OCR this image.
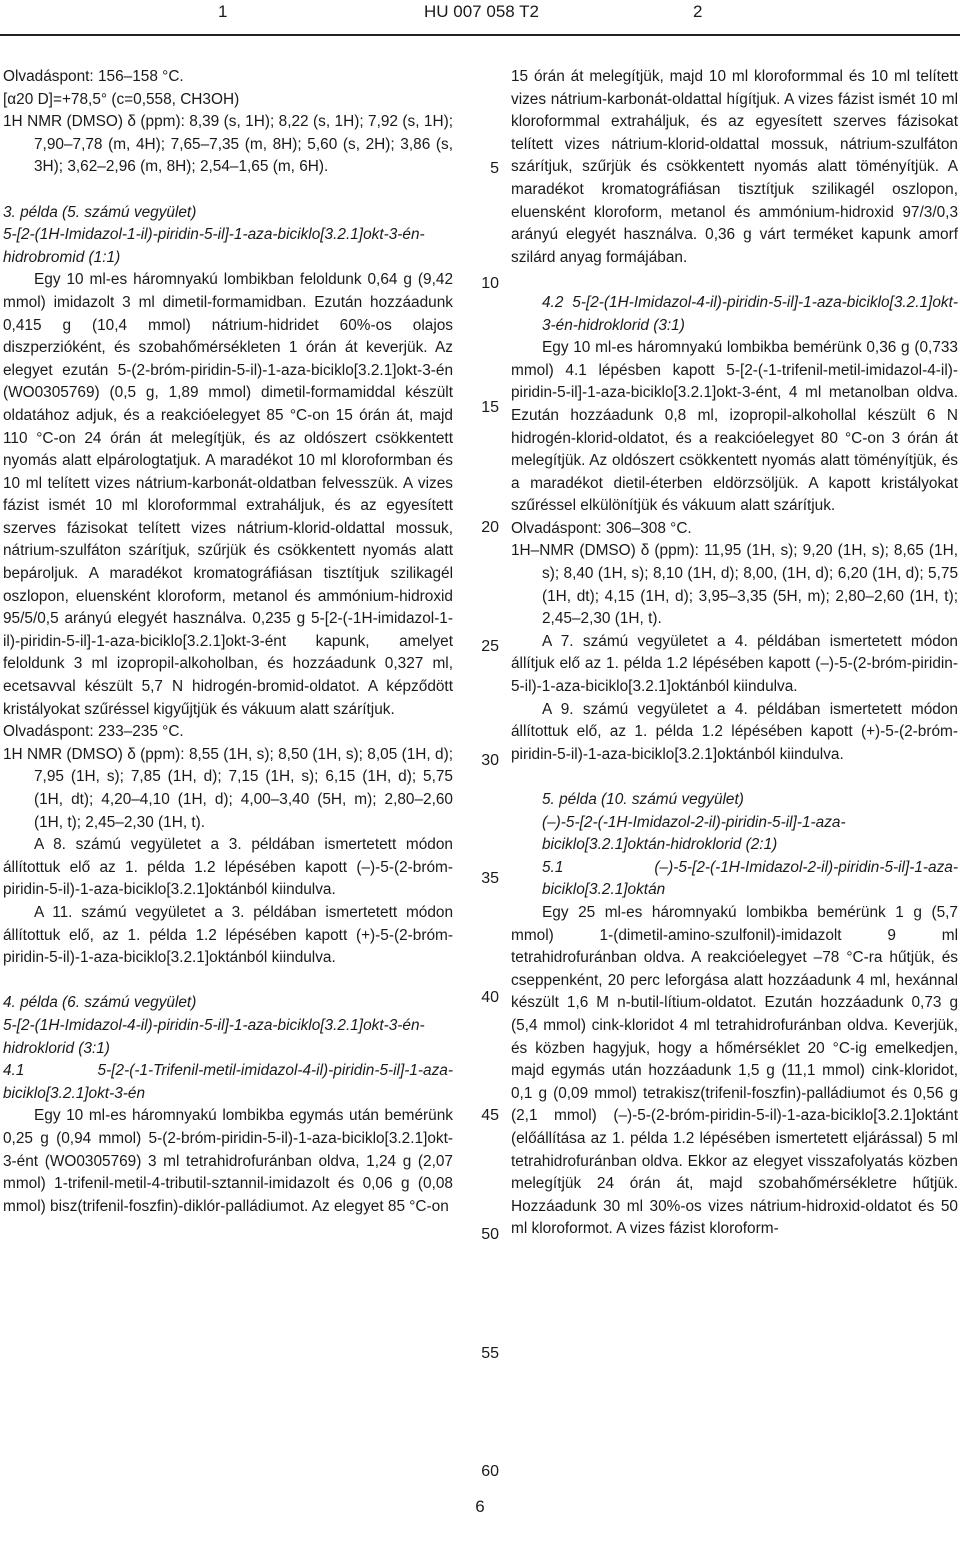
1	HU 007 058 T2	2

Olvadáspont: 156–158 °C.

[α20 D]=+78,5° (c=0,558, CH3OH)

1H NMR (DMSO) δ (ppm): 8,39 (s, 1H); 8,22 (s, 1H); 7,92 (s, 1H); 7,90–7,78 (m, 4H); 7,65–7,35 (m, 8H); 5,60 (s, 2H); 3,86 (s, 3H); 3,62–2,96 (m, 8H); 2,54–1,65 (m, 6H).

3. példa (5. számú vegyület)

5-[2-(1H-Imidazol-1-il)-piridin-5-il]-1-aza-biciklo[3.2.1]okt-3-én-hidrobromid (1:1)

Egy 10 ml-es háromnyakú lombikban feloldunk 0,64 g (9,42 mmol) imidazolt 3 ml dimetil-formamidban. Ezután hozzáadunk 0,415 g (10,4 mmol) nátrium-hidridet 60%-os olajos diszperzióként, és szobahőmérsékleten 1 órán át keverjük. Az elegyet ezután 5-(2-bróm-piridin-5-il)-1-aza-biciklo[3.2.1]okt-3-én (WO0305769) (0,5 g, 1,89 mmol) dimetil-formamiddal készült oldatához adjuk, és a reakcióelegyet 85 °C-on 15 órán át, majd 110 °C-on 24 órán át melegítjük, és az oldószert csökkentett nyomás alatt elpárologtatjuk. A maradékot 10 ml kloroformban és 10 ml telített vizes nátrium-karbonát-oldatban felvesszük. A vizes fázist ismét 10 ml kloroformmal extraháljuk, és az egyesített szerves fázisokat telített vizes nátrium-klorid-oldattal mossuk, nátrium-szulfáton szárítjuk, szűrjük és csökkentett nyomás alatt bepároljuk. A maradékot kromatográfiásan tisztítjuk szilikagél oszlopon, eluensként kloroform, metanol és ammónium-hidroxid 95/5/0,5 arányú elegyét használva. 0,235 g 5-[2-(-1H-imidazol-1-il)-piridin-5-il]-1-aza-biciklo[3.2.1]okt-3-ént kapunk, amelyet feloldunk 3 ml izopropil-alkoholban, és hozzáadunk 0,327 ml, ecetsavval készült 5,7 N hidrogén-bromid-oldatot. A képződött kristályokat szűréssel kigyűjtjük és vákuum alatt szárítjuk.

Olvadáspont: 233–235 °C.

1H NMR (DMSO) δ (ppm): 8,55 (1H, s); 8,50 (1H, s); 8,05 (1H, d); 7,95 (1H, s); 7,85 (1H, d); 7,15 (1H, s); 6,15 (1H, d); 5,75 (1H, dt); 4,20–4,10 (1H, d); 4,00–3,40 (5H, m); 2,80–2,60 (1H, t); 2,45–2,30 (1H, t).

A 8. számú vegyületet a 3. példában ismertetett módon állítottuk elő az 1. példa 1.2 lépésében kapott (–)-5-(2-bróm-piridin-5-il)-1-aza-biciklo[3.2.1]oktánból kiindulva.

A 11. számú vegyületet a 3. példában ismertetett módon állítottuk elő, az 1. példa 1.2 lépésében kapott (+)-5-(2-bróm-piridin-5-il)-1-aza-biciklo[3.2.1]oktánból kiindulva.

4. példa (6. számú vegyület)

5-[2-(1H-Imidazol-4-il)-piridin-5-il]-1-aza-biciklo[3.2.1]okt-3-én-hidroklorid (3:1)

4.1 5-[2-(-1-Trifenil-metil-imidazol-4-il)-piridin-5-il]-1-aza-biciklo[3.2.1]okt-3-én

Egy 10 ml-es háromnyakú lombikba egymás után bemérünk 0,25 g (0,94 mmol) 5-(2-bróm-piridin-5-il)-1-aza-biciklo[3.2.1]okt-3-ént (WO0305769) 3 ml tetrahidrofuránban oldva, 1,24 g (2,07 mmol) 1-trifenil-metil-4-tributil-sztannil-imidazolt és 0,06 g (0,08 mmol) bisz(trifenil-foszfin)-diklór-palládiumot. Az elegyet 85 °C-on

5
10
15
20
25
30
35
40
45
50
55
60

15 órán át melegítjük, majd 10 ml kloroformmal és 10 ml telített vizes nátrium-karbonát-oldattal hígítjuk. A vizes fázist ismét 10 ml kloroformmal extraháljuk, és az egyesített szerves fázisokat telített vizes nátrium-klorid-oldattal mossuk, nátrium-szulfáton szárítjuk, szűrjük és csökkentett nyomás alatt töményítjük. A maradékot kromatográfiásan tisztítjuk szilikagél oszlopon, eluensként kloroform, metanol és ammónium-hidroxid 97/3/0,3 arányú elegyét használva. 0,36 g várt terméket kapunk amorf szilárd anyag formájában.

4.2 5-[2-(1H-Imidazol-4-il)-piridin-5-il]-1-aza-biciklo[3.2.1]okt-3-én-hidroklorid (3:1)

Egy 10 ml-es háromnyakú lombikba bemérünk 0,36 g (0,733 mmol) 4.1 lépésben kapott 5-[2-(-1-trifenil-metil-imidazol-4-il)-piridin-5-il]-1-aza-biciklo[3.2.1]okt-3-ént, 4 ml metanolban oldva. Ezután hozzáadunk 0,8 ml, izopropil-alkohollal készült 6 N hidrogén-klorid-oldatot, és a reakcióelegyet 80 °C-on 3 órán át melegítjük. Az oldószert csökkentett nyomás alatt töményítjük, és a maradékot dietil-éterben eldörzsöljük. A kapott kristályokat szűréssel elkülönítjük és vákuum alatt szárítjuk.

Olvadáspont: 306–308 °C.

1H–NMR (DMSO) δ (ppm): 11,95 (1H, s); 9,20 (1H, s); 8,65 (1H, s); 8,40 (1H, s); 8,10 (1H, d); 8,00, (1H, d); 6,20 (1H, d); 5,75 (1H, dt); 4,15 (1H, d); 3,95–3,35 (5H, m); 2,80–2,60 (1H, t); 2,45–2,30 (1H, t).

A 7. számú vegyületet a 4. példában ismertetett módon állítjuk elő az 1. példa 1.2 lépésében kapott (–)-5-(2-bróm-piridin-5-il)-1-aza-biciklo[3.2.1]oktánból kiindulva.

A 9. számú vegyületet a 4. példában ismertetett módon állítottuk elő, az 1. példa 1.2 lépésében kapott (+)-5-(2-bróm-piridin-5-il)-1-aza-biciklo[3.2.1]oktánból kiindulva.

5. példa (10. számú vegyület)

(–)-5-[2-(-1H-Imidazol-2-il)-piridin-5-il]-1-aza-biciklo[3.2.1]oktán-hidroklorid (2:1)

5.1 (–)-5-[2-(-1H-Imidazol-2-il)-piridin-5-il]-1-aza-biciklo[3.2.1]oktán

Egy 25 ml-es háromnyakú lombikba bemérünk 1 g (5,7 mmol) 1-(dimetil-amino-szulfonil)-imidazolt 9 ml tetrahidrofuránban oldva. A reakcióelegyet –78 °C-ra hűtjük, és cseppenként, 20 perc leforgása alatt hozzáadunk 4 ml, hexánnal készült 1,6 M n-butil-lítium-oldatot. Ezután hozzáadunk 0,73 g (5,4 mmol) cink-kloridot 4 ml tetrahidrofuránban oldva. Keverjük, és közben hagyjuk, hogy a hőmérséklet 20 °C-ig emelkedjen, majd egymás után hozzáadunk 1,5 g (11,1 mmol) cink-kloridot, 0,1 g (0,09 mmol) tetrakisz(trifenil-foszfin)-palládiumot és 0,56 g (2,1 mmol) (–)-5-(2-bróm-piridin-5-il)-1-aza-biciklo[3.2.1]oktánt (előállítása az 1. példa 1.2 lépésében ismertetett eljárással) 5 ml tetrahidrofuránban oldva. Ekkor az elegyet visszafolyatás közben melegítjük 24 órán át, majd szobahőmérsékletre hűtjük. Hozzáadunk 30 ml 30%-os vizes nátrium-hidroxid-oldatot és 50 ml kloroformot. A vizes fázist kloroform-

6
